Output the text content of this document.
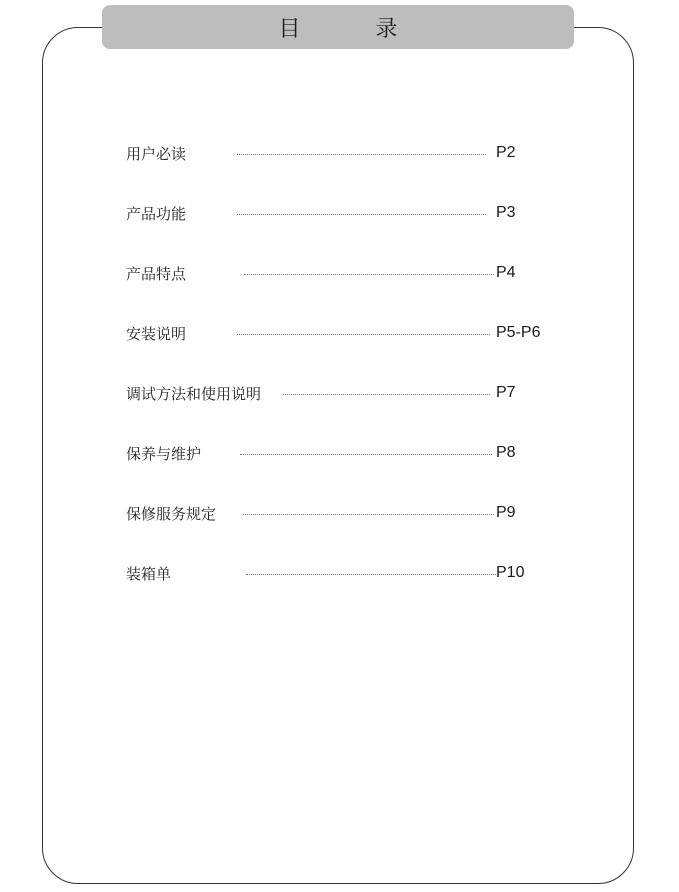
目 录
用户必读	P2
产品功能	P3
产品特点	P4
安装说明	P5-P6
调试方法和使用说明	P7
保养与维护	P8
保修服务规定	P9
装箱单	P10
